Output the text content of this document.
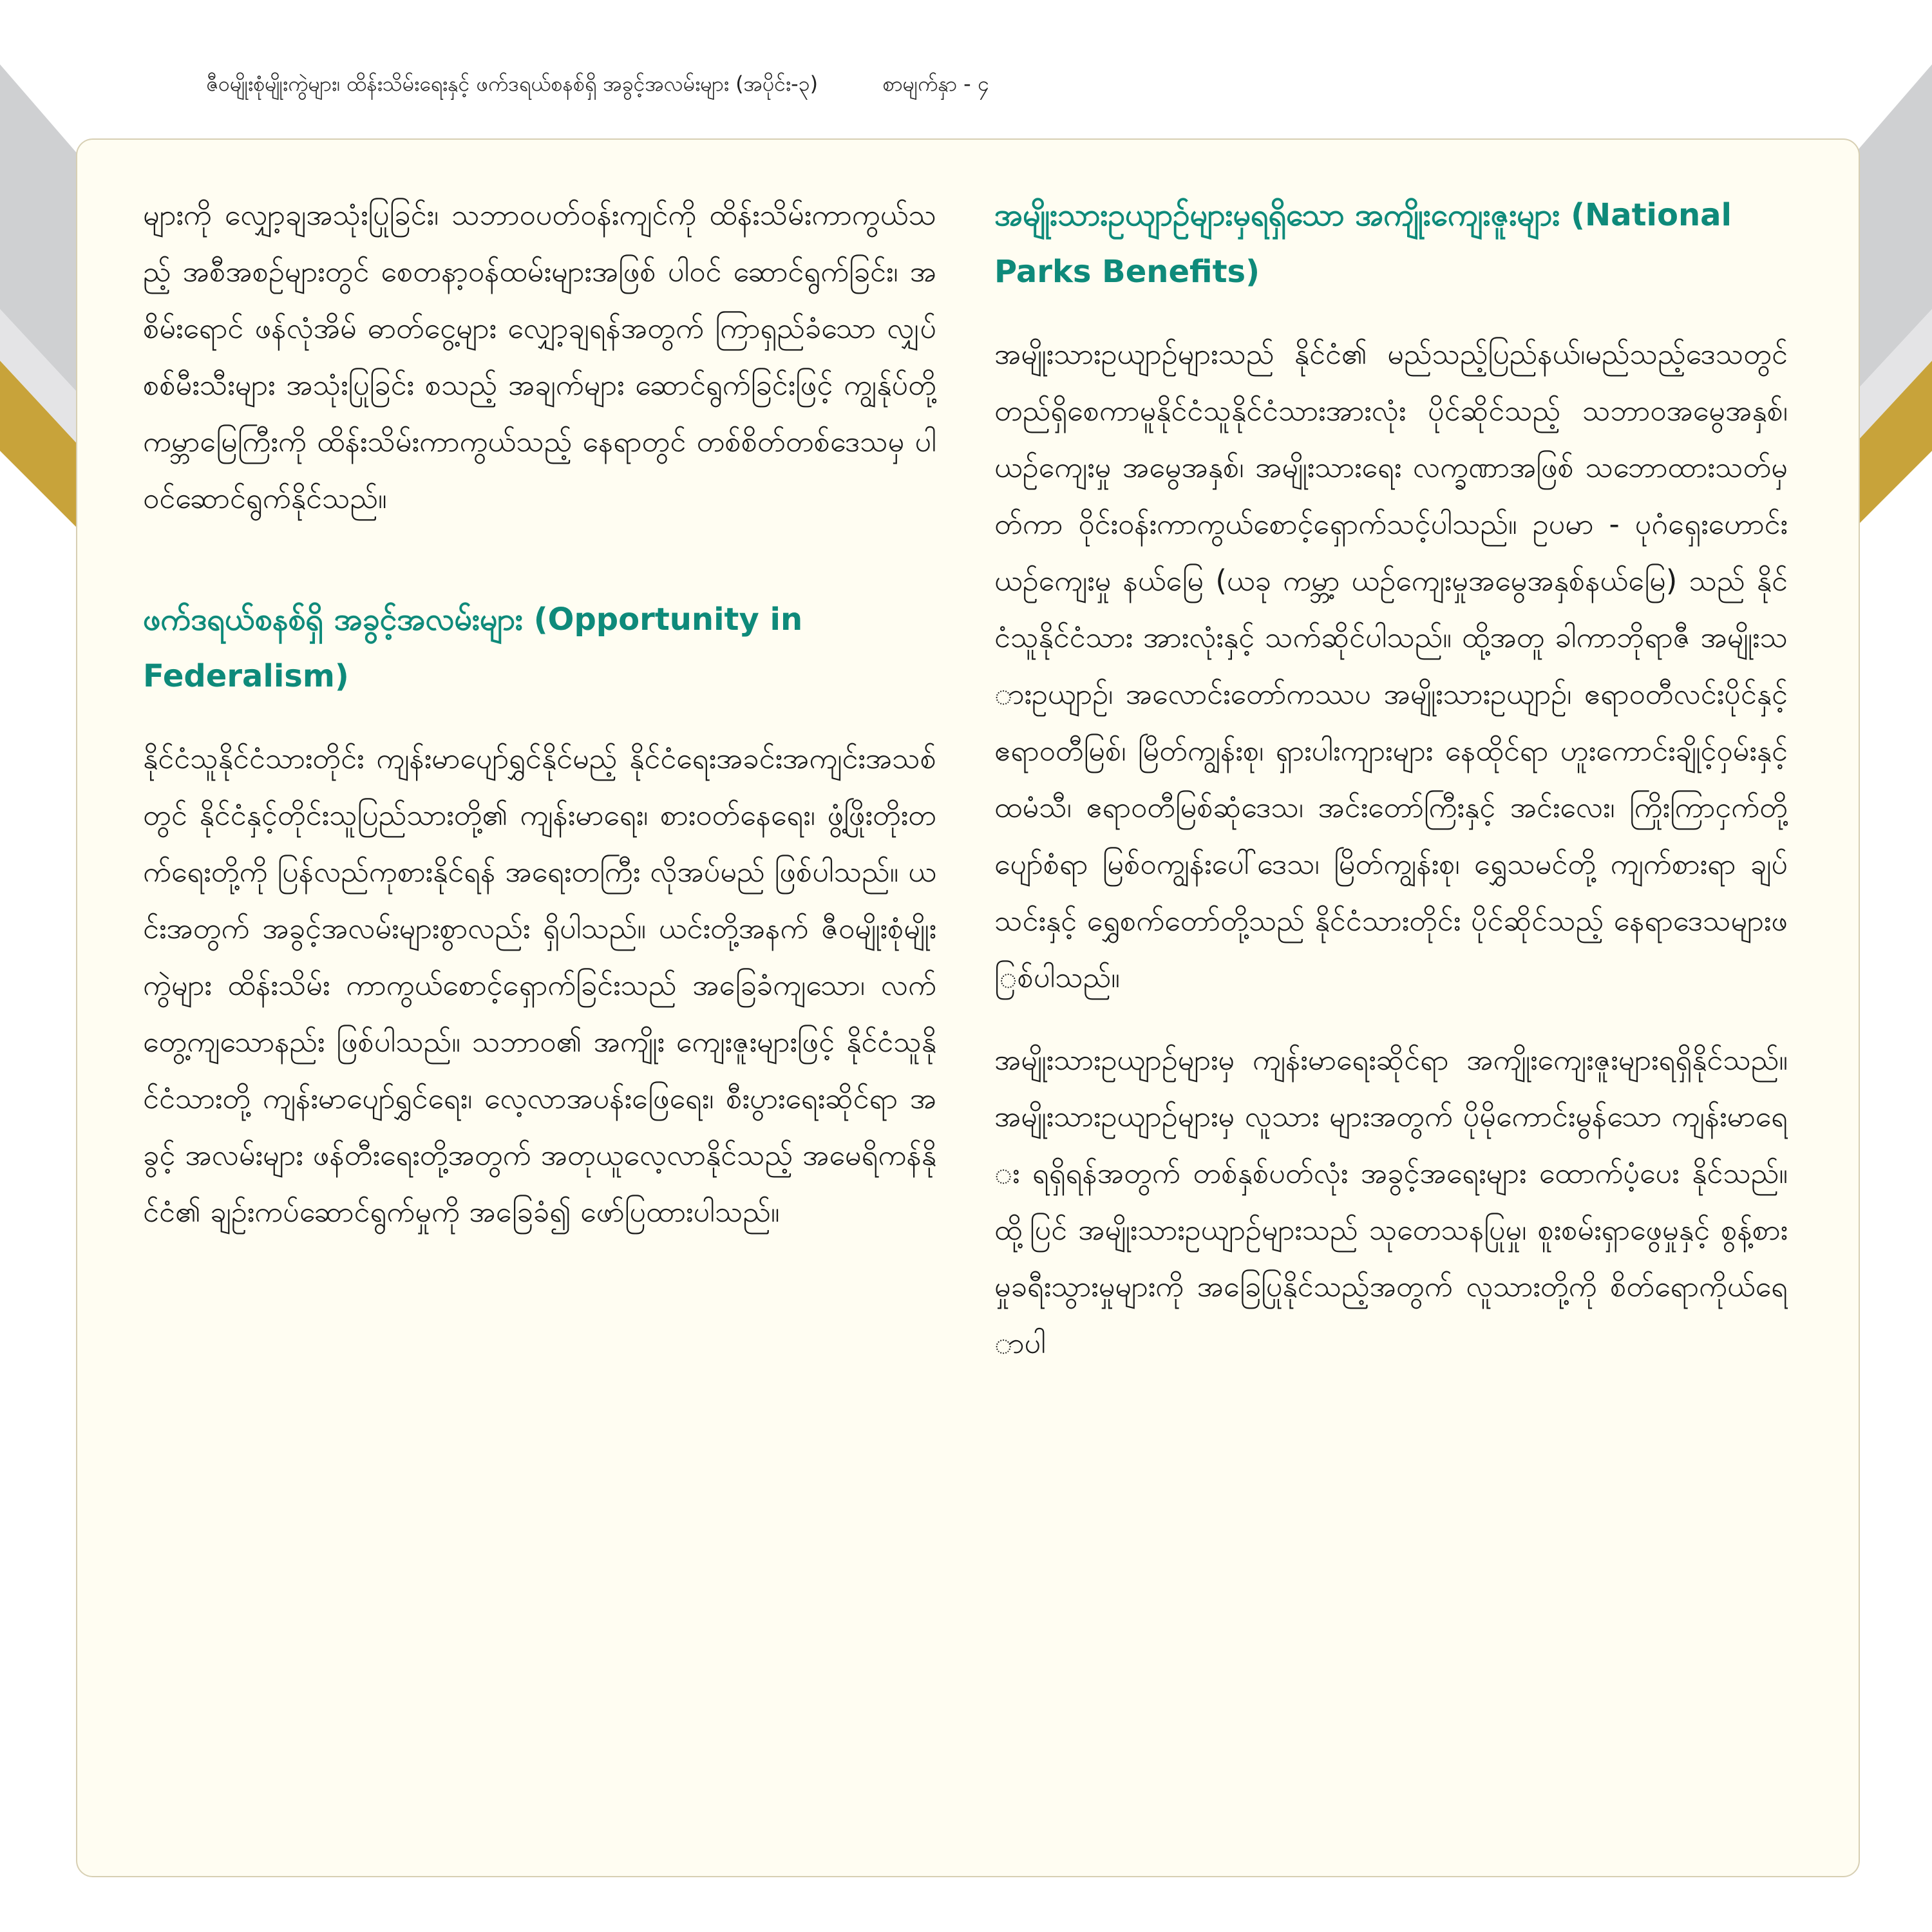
ဇီဝမျိုးစုံမျိုးကွဲများ၊ ထိန်းသိမ်းရေးနှင့် ဖက်ဒရယ်စနစ်ရှိ အခွင့်အလမ်းများ (အပိုင်း-၃)	စာမျက်နှာ - ၄

များကို လျှော့ချအသုံးပြုခြင်း၊ သဘာဝပတ်ဝန်းကျင်ကို ထိန်းသိမ်းကာကွယ်သည့် အစီအစဉ်များတွင် စေတနာ့ဝန်ထမ်းများအဖြစ် ပါဝင် ဆောင်ရွက်ခြင်း၊ အစိမ်းရောင် ဖန်လုံအိမ် ဓာတ်ငွေ့များ လျှော့ချရန်အတွက် ကြာရှည်ခံသော လျှပ်စစ်မီးသီးများ အသုံးပြုခြင်း စသည့် အချက်များ ဆောင်ရွက်ခြင်းဖြင့် ကျွန်ုပ်တို့ကမ္ဘာမြေကြီးကို ထိန်းသိမ်းကာကွယ်သည့် နေရာတွင် တစ်စိတ်တစ်ဒေသမှ ပါဝင်ဆောင်ရွက်နိုင်သည်။

ဖက်ဒရယ်စနစ်ရှိ အခွင့်အလမ်းများ (Opportunity in Federalism)

နိုင်ငံသူနိုင်ငံသားတိုင်း ကျန်းမာပျော်ရွှင်နိုင်မည့် နိုင်ငံရေးအခင်းအကျင်းအသစ်တွင် နိုင်ငံနှင့်တိုင်းသူပြည်သားတို့၏ ကျန်းမာရေး၊ စားဝတ်နေရေး၊ ဖွံ့ဖြိုးတိုးတက်ရေးတို့ကို ပြန်လည်ကုစားနိုင်ရန် အရေးတကြီး လိုအပ်မည် ဖြစ်ပါသည်။ ယင်းအတွက် အခွင့်အလမ်းများစွာလည်း ရှိပါသည်။ ယင်းတို့အနက် ဇီဝမျိုးစုံမျိုးကွဲများ ထိန်းသိမ်း ကာကွယ်စောင့်ရှောက်ခြင်းသည် အခြေခံကျသော၊ လက်တွေ့ကျသောနည်း ဖြစ်ပါသည်။ သဘာဝ၏ အကျိုး ကျေးဇူးများဖြင့် နိုင်ငံသူနိုင်ငံသားတို့ ကျန်းမာပျော်ရွှင်ရေး၊ လေ့လာအပန်းဖြေရေး၊ စီးပွားရေးဆိုင်ရာ အခွင့် အလမ်းများ ဖန်တီးရေးတို့အတွက် အတုယူလေ့လာနိုင်သည့် အမေရိကန်နိုင်ငံ၏ ချဉ်းကပ်ဆောင်ရွက်မှုကို အခြေခံ၍ ဖော်ပြထားပါသည်။

အမျိုးသားဥယျာဉ်များမှရရှိသော အကျိုးကျေးဇူးများ (National Parks Benefits)

အမျိုးသားဥယျာဉ်များသည် နိုင်ငံ၏ မည်သည့်ပြည်နယ်၊မည်သည့်ဒေသတွင်တည်ရှိစေကာမူနိုင်ငံသူနိုင်ငံသားအားလုံး ပိုင်ဆိုင်သည့် သဘာဝအမွေအနှစ်၊ ယဉ်ကျေးမှု အမွေအနှစ်၊ အမျိုးသားရေး လက္ခဏာအဖြစ် သဘောထားသတ်မှတ်ကာ ဝိုင်းဝန်းကာကွယ်စောင့်ရှောက်သင့်ပါသည်။ ဥပမာ - ပုဂံရှေးဟောင်းယဉ်ကျေးမှု နယ်မြေ (ယခု ကမ္ဘာ့ ယဉ်ကျေးမှုအမွေအနှစ်နယ်မြေ) သည် နိုင်ငံသူနိုင်ငံသား အားလုံးနှင့် သက်ဆိုင်ပါသည်။ ထို့အတူ ခါကာဘိုရာဇီ အမျိုးသားဥယျာဉ်၊ အလောင်းတော်ကဿပ အမျိုးသားဥယျာဉ်၊ ဧရာဝတီလင်းပိုင်နှင့် ဧရာဝတီမြစ်၊ မြိတ်ကျွန်းစု၊ ရှားပါးကျားများ နေထိုင်ရာ ဟူးကောင်းချိုင့်ဝှမ်းနှင့် ထမံသီ၊ ဧရာဝတီမြစ်ဆုံဒေသ၊ အင်းတော်ကြီးနှင့် အင်းလေး၊ ကြိုးကြာငှက်တို့ ပျော်စံရာ မြစ်ဝကျွန်းပေါ်ဒေသ၊ မြိတ်ကျွန်းစု၊ ရွှေသမင်တို့ ကျက်စားရာ ချပ်သင်းနှင့် ရွှေစက်တော်တို့သည် နိုင်ငံသားတိုင်း ပိုင်ဆိုင်သည့် နေရာဒေသများဖြစ်ပါသည်။

အမျိုးသားဥယျာဉ်များမှ ကျန်းမာရေးဆိုင်ရာ အကျိုးကျေးဇူးများရရှိနိုင်သည်။ အမျိုးသားဥယျာဉ်များမှ လူသား များအတွက် ပိုမိုကောင်းမွန်သော ကျန်းမာရေး ရရှိရန်အတွက် တစ်နှစ်ပတ်လုံး အခွင့်အရေးများ ထောက်ပံ့ပေး နိုင်သည်။ ထို့ပြင် အမျိုးသားဥယျာဉ်များသည် သုတေသနပြုမှု၊ စူးစမ်းရှာဖွေမှုနှင့် စွန့်စားမှုခရီးသွားမှုများကို အခြေပြုနိုင်သည့်အတွက် လူသားတို့ကို စိတ်ရောကိုယ်ရောပါ
